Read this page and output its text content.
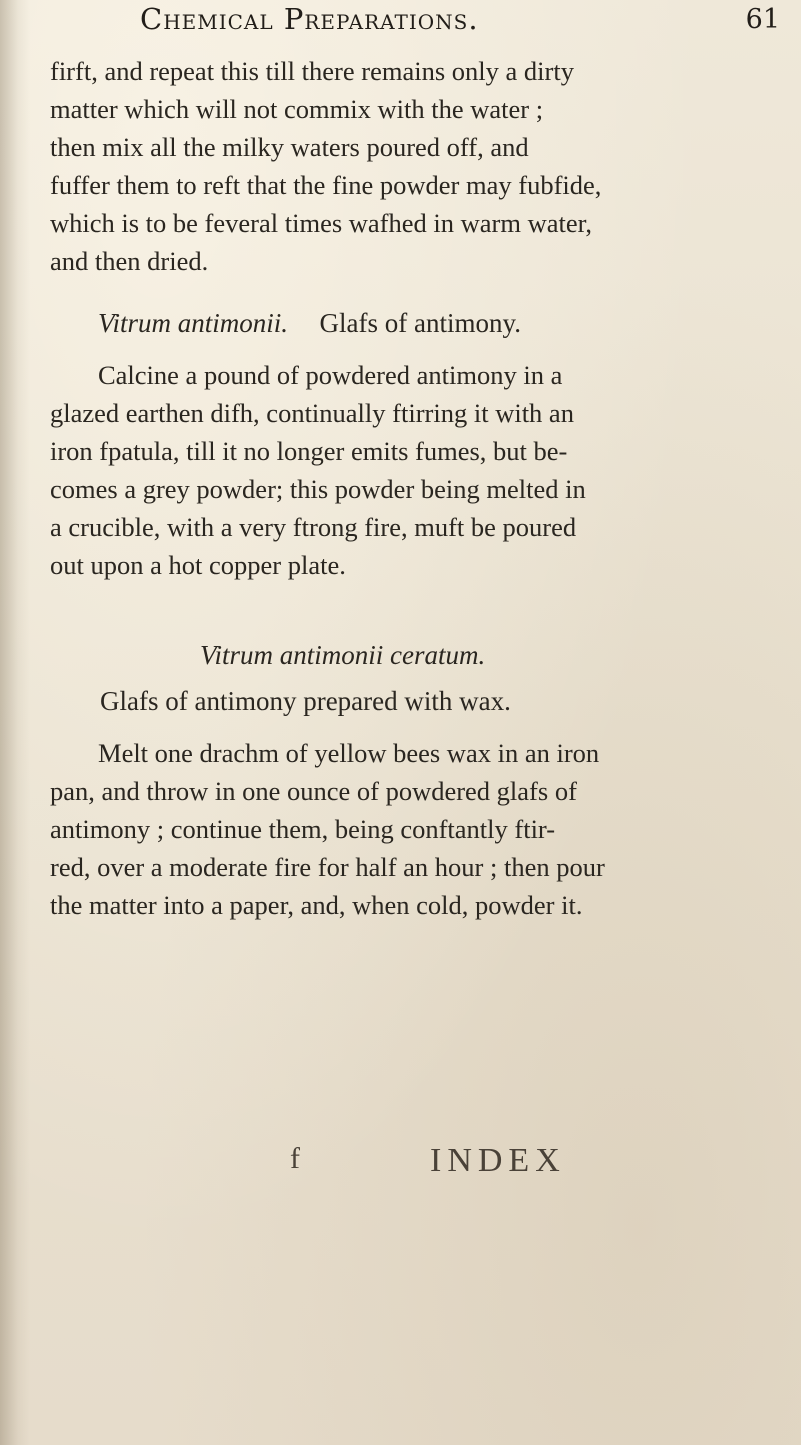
Chemical Preparations.	61
firft, and repeat this till there remains only a dirty
matter which will not commix with the water ;
then mix all the milky waters poured off, and
fuffer them to reft that the fine powder may fubfide,
which is to be feveral times wafhed in warm water,
and then dried.
Vitrum antimonii. Glafs of antimony.
Calcine a pound of powdered antimony in a
glazed earthen difh, continually ftirring it with an
iron fpatula, till it no longer emits fumes, but be-
comes a grey powder; this powder being melted in
a crucible, with a very ftrong fire, muft be poured
out upon a hot copper plate.
Vitrum antimonii ceratum.
Glafs of antimony prepared with wax.
Melt one drachm of yellow bees wax in an iron
pan, and throw in one ounce of powdered glafs of
antimony ; continue them, being conftantly ftir-
red, over a moderate fire for half an hour ; then pour
the matter into a paper, and, when cold, powder it.
f	INDEX
